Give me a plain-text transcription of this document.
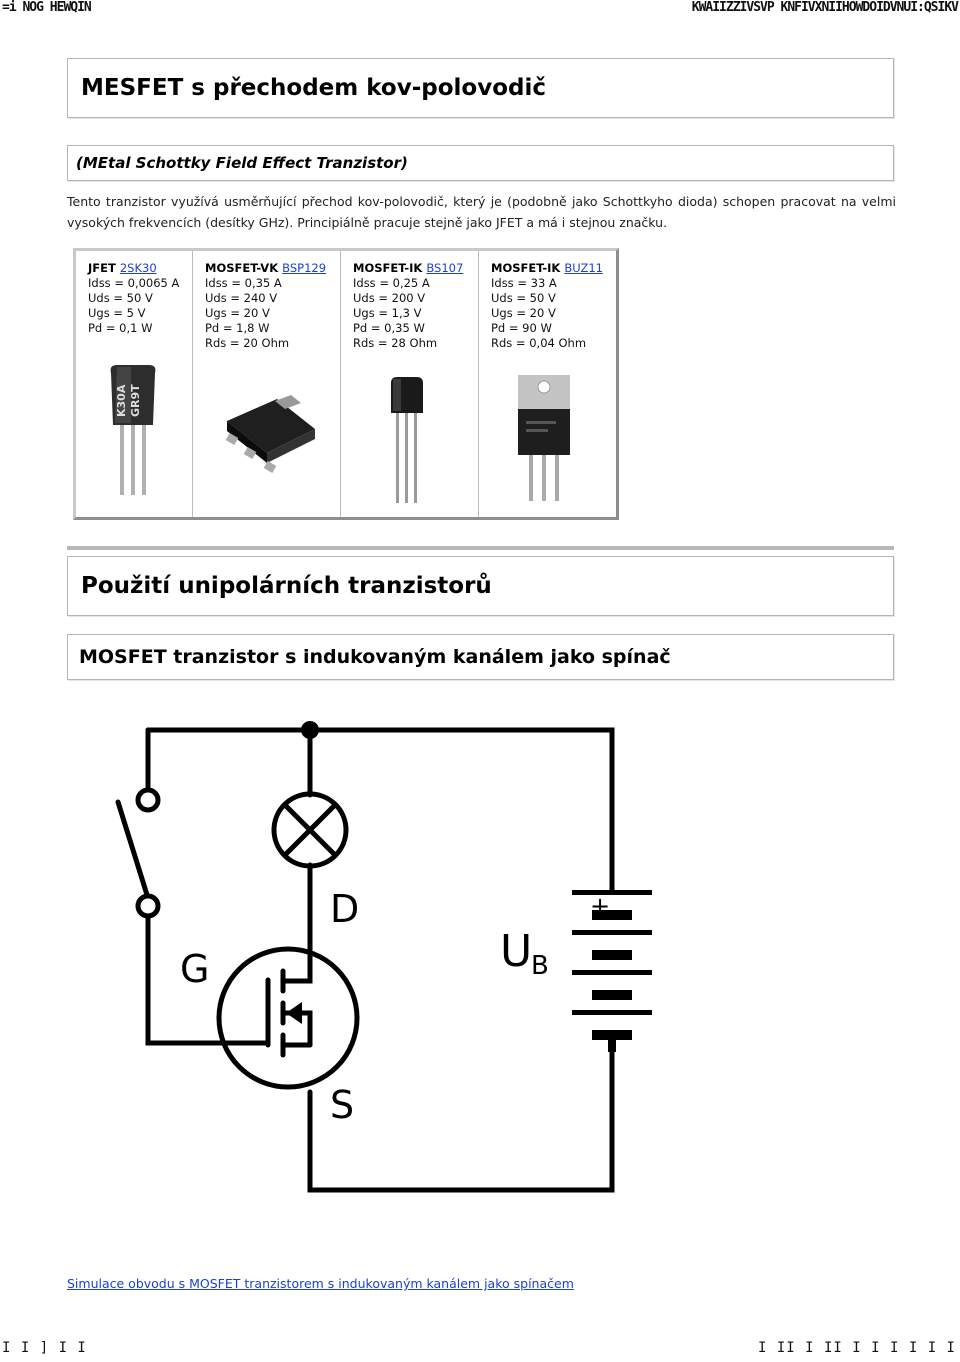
=i NOG HEWQIN	KWAIIZZIVSVP KNFIVXNIIHOWDOIDVNUI:QSIKV
MESFET s přechodem kov-polovodič
(MEtal Schottky Field Effect Tranzistor)
Tento tranzistor využívá usměrňující přechod kov-polovodič, který je (podobně jako Schottkyho dioda) schopen pracovat na velmi vysokých frekvencích (desítky GHz). Principiálně pracuje stejně jako JFET a má i stejnou značku.
JFET 2SK30
Idss = 0,0065 A
Uds = 50 V
Ugs = 5 V
Pd = 0,1 W
K30A GR9T
MOSFET-VK BSP129
Idss = 0,35 A
Uds = 240 V
Ugs = 20 V
Pd = 1,8 W
Rds = 20 Ohm
MOSFET-IK BS107
Idss = 0,25 A
Uds = 200 V
Ugs = 1,3 V
Pd = 0,35 W
Rds = 28 Ohm
MOSFET-IK BUZ11
Idss = 33 A
Uds = 50 V
Ugs = 20 V
Pd = 90 W
Rds = 0,04 Ohm
Použití unipolárních tranzistorů
MOSFET tranzistor s indukovaným kanálem jako spínač
+
G
D
S
U
B
Simulace obvodu s MOSFET tranzistorem s indukovaným kanálem jako spínačem
I I ] I I	I II I II I I I I I I
